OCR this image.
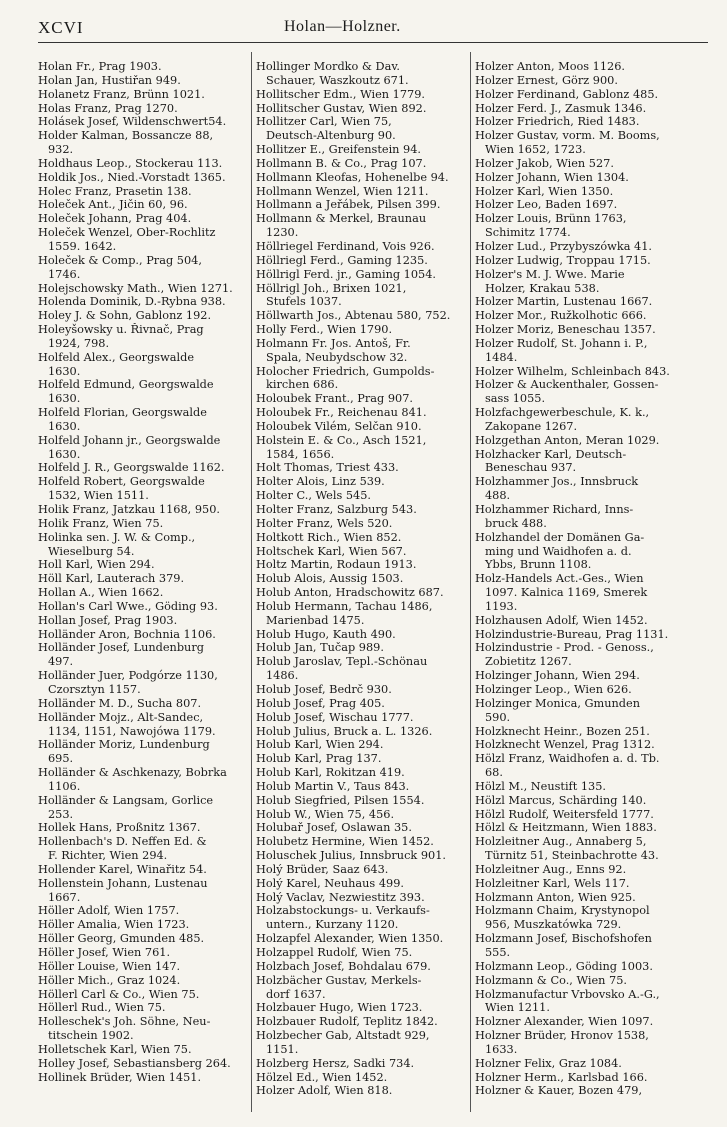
XCVI	Holan—Holzner.
Holan Fr., Prag 1903.
Holan Jan, Hustiřan 949.
Holanetz Franz, Brünn 1021.
Holas Franz, Prag 1270.
Holásek Josef, Wildenschwert54.
Holder Kalman, Bossancze 88,
932.
Holdhaus Leop., Stockerau 113.
Holdik Jos., Nied.-Vorstadt 1365.
Holec Franz, Prasetin 138.
Holeček Ant., Jičin 60, 96.
Holeček Johann, Prag 404.
Holeček Wenzel, Ober-Rochlitz
1559. 1642.
Holeček & Comp., Prag 504,
1746.
Holejschowsky Math., Wien 1271.
Holenda Dominik, D.-Rybna 938.
Holey J. & Sohn, Gablonz 192.
Holeyšowsky u. Řivnač, Prag
1924, 798.
Holfeld Alex., Georgswalde
1630.
Holfeld Edmund, Georgswalde
1630.
Holfeld Florian, Georgswalde
1630.
Holfeld Johann jr., Georgswalde
1630.
Holfeld J. R., Georgswalde 1162.
Holfeld Robert, Georgswalde
1532, Wien 1511.
Holik Franz, Jatzkau 1168, 950.
Holik Franz, Wien 75.
Holinka sen. J. W. & Comp.,
Wieselburg 54.
Holl Karl, Wien 294.
Höll Karl, Lauterach 379.
Hollan A., Wien 1662.
Hollan's Carl Wwe., Göding 93.
Hollan Josef, Prag 1903.
Holländer Aron, Bochnia 1106.
Holländer Josef, Lundenburg
497.
Holländer Juer, Podgórze 1130,
Czorsztyn 1157.
Holländer M. D., Sucha 807.
Holländer Mojz., Alt-Sandec,
1134, 1151, Nawojówa 1179.
Holländer Moriz, Lundenburg
695.
Holländer & Aschkenazy, Bobrka
1106.
Holländer & Langsam, Gorlice
253.
Hollek Hans, Proßnitz 1367.
Hollenbach's D. Neffen Ed. &
F. Richter, Wien 294.
Hollender Karel, Winařitz 54.
Hollenstein Johann, Lustenau
1667.
Höller Adolf, Wien 1757.
Höller Amalia, Wien 1723.
Höller Georg, Gmunden 485.
Höller Josef, Wien 761.
Höller Louise, Wien 147.
Höller Mich., Graz 1024.
Höllerl Carl & Co., Wien 75.
Höllerl Rud., Wien 75.
Holleschek's Joh. Söhne, Neu-
titschein 1902.
Holletschek Karl, Wien 75.
Holley Josef, Sebastiansberg 264.
Hollinek Brüder, Wien 1451.
Hollinger Mordko & Dav.
Schauer, Waszkoutz 671.
Hollitscher Edm., Wien 1779.
Hollitscher Gustav, Wien 892.
Hollitzer Carl, Wien 75,
Deutsch-Altenburg 90.
Hollitzer E., Greifenstein 94.
Hollmann B. & Co., Prag 107.
Hollmann Kleofas, Hohenelbe 94.
Hollmann Wenzel, Wien 1211.
Hollmann a Jeřábek, Pilsen 399.
Hollmann & Merkel, Braunau
1230.
Höllriegel Ferdinand, Vois 926.
Höllriegl Ferd., Gaming 1235.
Höllrigl Ferd. jr., Gaming 1054.
Höllrigl Joh., Brixen 1021,
Stufels 1037.
Höllwarth Jos., Abtenau 580, 752.
Holly Ferd., Wien 1790.
Holmann Fr. Jos. Antoš, Fr.
Spala, Neubydschow 32.
Holocher Friedrich, Gumpolds-
kirchen 686.
Holoubek Frant., Prag 907.
Holoubek Fr., Reichenau 841.
Holoubek Vilém, Selčan 910.
Holstein E. & Co., Asch 1521,
1584, 1656.
Holt Thomas, Triest 433.
Holter Alois, Linz 539.
Holter C., Wels 545.
Holter Franz, Salzburg 543.
Holter Franz, Wels 520.
Holtkott Rich., Wien 852.
Holtschek Karl, Wien 567.
Holtz Martin, Rodaun 1913.
Holub Alois, Aussig 1503.
Holub Anton, Hradschowitz 687.
Holub Hermann, Tachau 1486,
Marienbad 1475.
Holub Hugo, Kauth 490.
Holub Jan, Tučap 989.
Holub Jaroslav, Tepl.-Schönau
1486.
Holub Josef, Bedrč 930.
Holub Josef, Prag 405.
Holub Josef, Wischau 1777.
Holub Julius, Bruck a. L. 1326.
Holub Karl, Wien 294.
Holub Karl, Prag 137.
Holub Karl, Rokitzan 419.
Holub Martin V., Taus 843.
Holub Siegfried, Pilsen 1554.
Holub W., Wien 75, 456.
Holubař Josef, Oslawan 35.
Holubetz Hermine, Wien 1452.
Holuschek Julius, Innsbruck 901.
Holý Brüder, Saaz 643.
Holý Karel, Neuhaus 499.
Holý Vaclav, Nezwiestitz 393.
Holzabstockungs- u. Verkaufs-
untern., Kurzany 1120.
Holzapfel Alexander, Wien 1350.
Holzappel Rudolf, Wien 75.
Holzbach Josef, Bohdalau 679.
Holzbächer Gustav, Merkels-
dorf 1637.
Holzbauer Hugo, Wien 1723.
Holzbauer Rudolf, Teplitz 1842.
Holzbecher Gab, Altstadt 929,
1151.
Holzberg Hersz, Sadki 734.
Hölzel Ed., Wien 1452.
Holzer Adolf, Wien 818.
Holzer Anton, Moos 1126.
Holzer Ernest, Görz 900.
Holzer Ferdinand, Gablonz 485.
Holzer Ferd. J., Zasmuk 1346.
Holzer Friedrich, Ried 1483.
Holzer Gustav, vorm. M. Booms,
Wien 1652, 1723.
Holzer Jakob, Wien 527.
Holzer Johann, Wien 1304.
Holzer Karl, Wien 1350.
Holzer Leo, Baden 1697.
Holzer Louis, Brünn 1763,
Schimitz 1774.
Holzer Lud., Przybyszówka 41.
Holzer Ludwig, Troppau 1715.
Holzer's M. J. Wwe. Marie
Holzer, Krakau 538.
Holzer Martin, Lustenau 1667.
Holzer Mor., Ružkolhotic 666.
Holzer Moriz, Beneschau 1357.
Holzer Rudolf, St. Johann i. P.,
1484.
Holzer Wilhelm, Schleinbach 843.
Holzer & Auckenthaler, Gossen-
sass 1055.
Holzfachgewerbeschule, K. k.,
Zakopane 1267.
Holzgethan Anton, Meran 1029.
Holzhacker Karl, Deutsch-
Beneschau 937.
Holzhammer Jos., Innsbruck
488.
Holzhammer Richard, Inns-
bruck 488.
Holzhandel der Domänen Ga-
ming und Waidhofen a. d.
Ybbs, Brunn 1108.
Holz-Handels Act.-Ges., Wien
1097. Kalnica 1169, Smerek
1193.
Holzhausen Adolf, Wien 1452.
Holzindustrie-Bureau, Prag 1131.
Holzindustrie - Prod. - Genoss.,
Zobietitz 1267.
Holzinger Johann, Wien 294.
Holzinger Leop., Wien 626.
Holzinger Monica, Gmunden
590.
Holzknecht Heinr., Bozen 251.
Holzknecht Wenzel, Prag 1312.
Hölzl Franz, Waidhofen a. d. Tb.
68.
Hölzl M., Neustift 135.
Hölzl Marcus, Schärding 140.
Hölzl Rudolf, Weitersfeld 1777.
Hölzl & Heitzmann, Wien 1883.
Holzleitner Aug., Annaberg 5,
Türnitz 51, Steinbachrotte 43.
Holzleitner Aug., Enns 92.
Holzleitner Karl, Wels 117.
Holzmann Anton, Wien 925.
Holzmann Chaim, Krystynopol
956, Muszkatówka 729.
Holzmann Josef, Bischofshofen
555.
Holzmann Leop., Göding 1003.
Holzmann & Co., Wien 75.
Holzmanufactur Vrbovsko A.-G.,
Wien 1211.
Holzner Alexander, Wien 1097.
Holzner Brüder, Hronov 1538,
1633.
Holzner Felix, Graz 1084.
Holzner Herm., Karlsbad 166.
Holzner & Kauer, Bozen 479,
